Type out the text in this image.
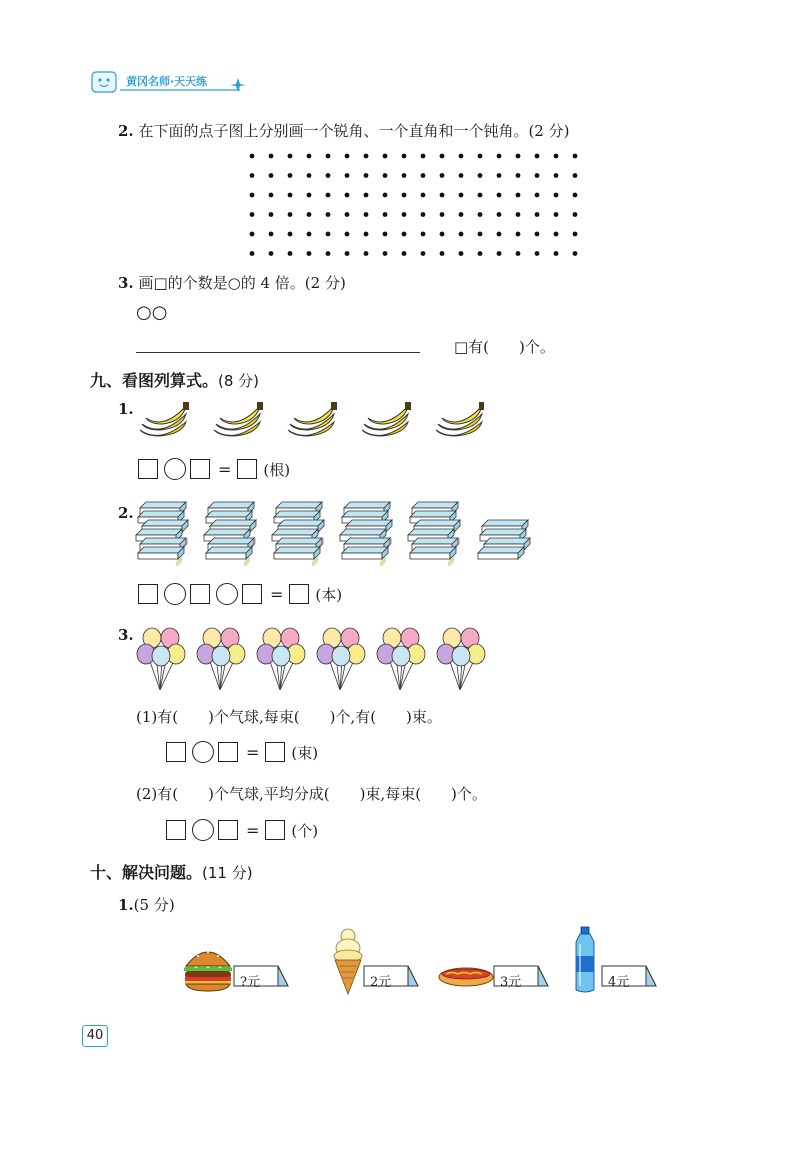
黄冈名师·天天练
2. 在下面的点子图上分别画一个锐角、一个直角和一个钝角。(2 分)
3. 画□的个数是○的 4 倍。(2 分)
○○
□有(　　)个。
九、看图列算式。(8 分)
1.
= (根)
2.
= (本)
3.
(1)有(　　)个气球,每束(　　)个,有(　　)束。
= (束)
(2)有(　　)个气球,平均分成(　　)束,每束(　　)个。
= (个)
十、解决问题。(11 分)
1.(5 分)
?元	2元	3元	4元
40
